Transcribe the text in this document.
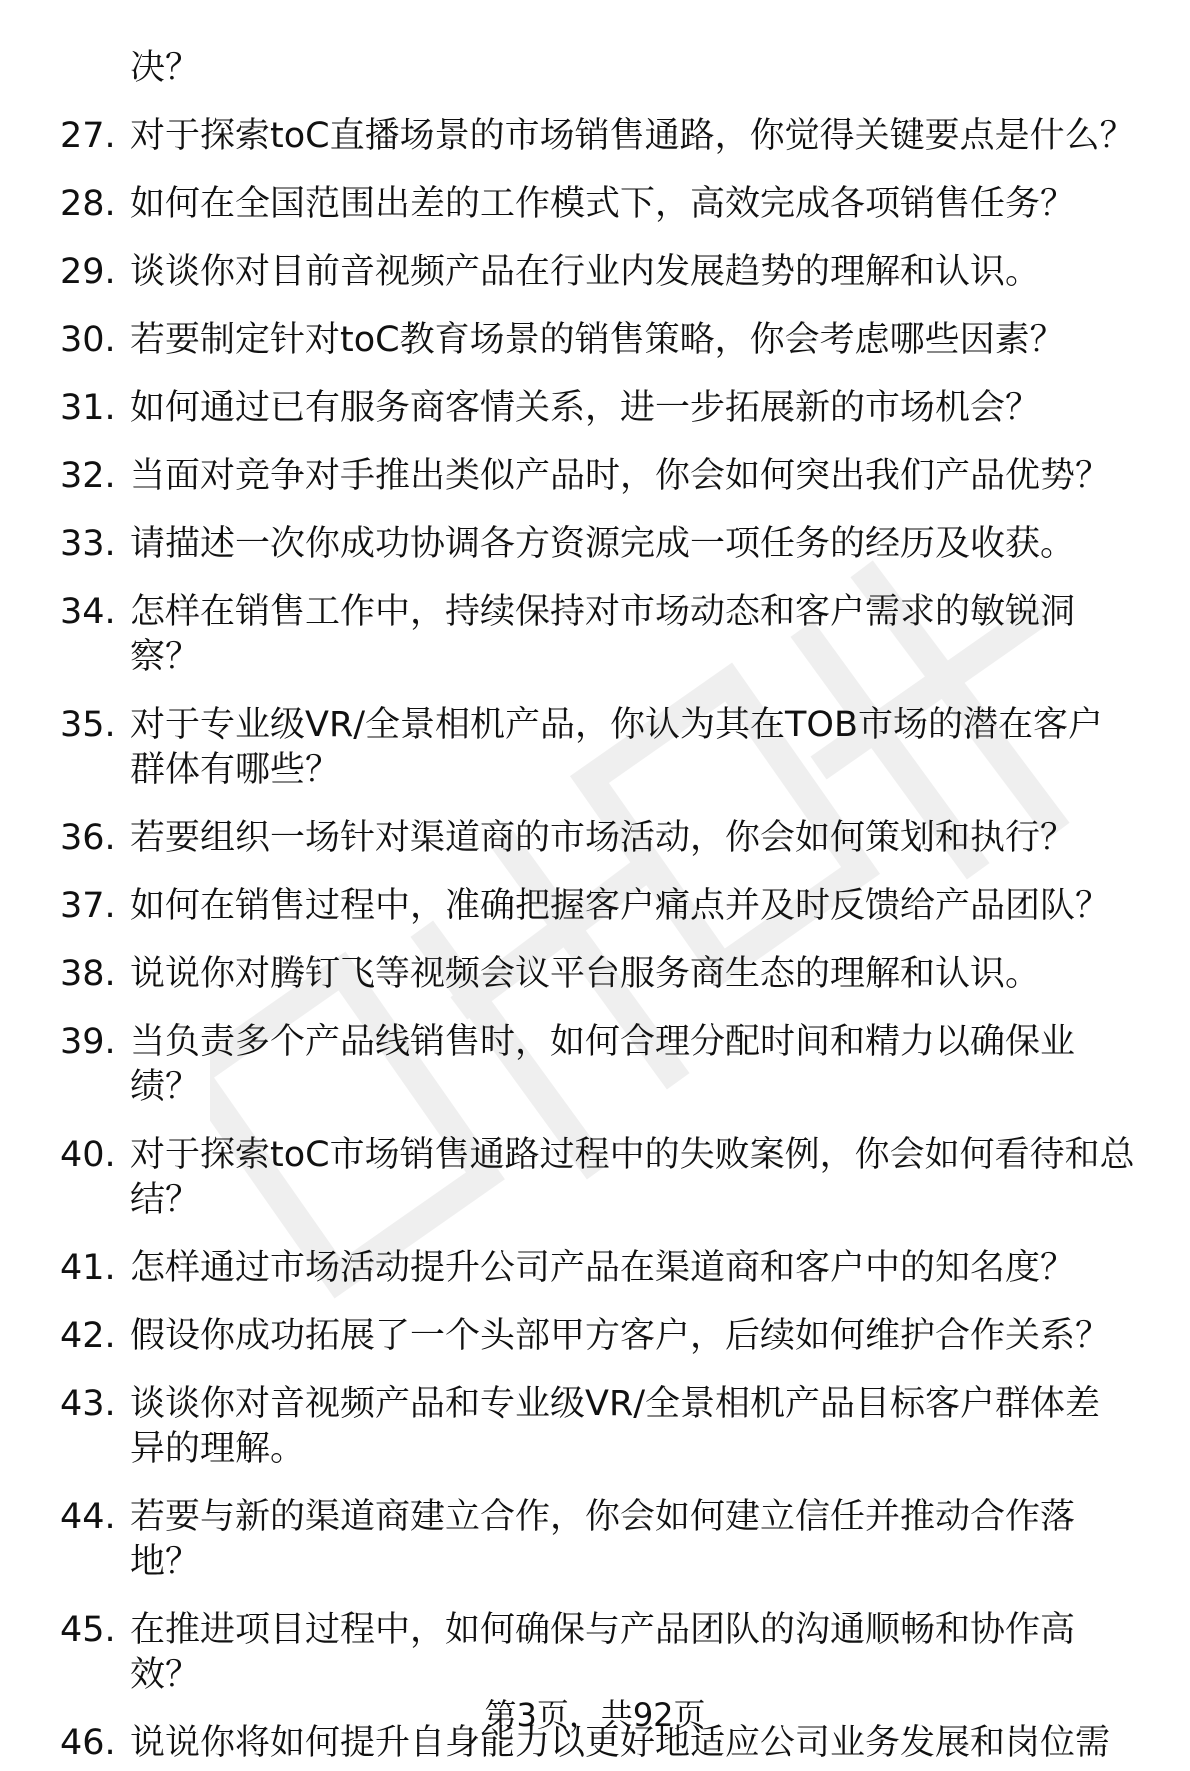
决？
27. 对于探索toC直播场景的市场销售通路，你觉得关键要点是什么？
28. 如何在全国范围出差的工作模式下，高效完成各项销售任务？
29. 谈谈你对目前音视频产品在行业内发展趋势的理解和认识。
30. 若要制定针对toC教育场景的销售策略，你会考虑哪些因素？
31. 如何通过已有服务商客情关系，进一步拓展新的市场机会？
32. 当面对竞争对手推出类似产品时，你会如何突出我们产品优势？
33. 请描述一次你成功协调各方资源完成一项任务的经历及收获。
34. 怎样在销售工作中，持续保持对市场动态和客户需求的敏锐洞
察？
35. 对于专业级VR/全景相机产品，你认为其在TOB市场的潜在客户
群体有哪些？
36. 若要组织一场针对渠道商的市场活动，你会如何策划和执行？
37. 如何在销售过程中，准确把握客户痛点并及时反馈给产品团队？
38. 说说你对腾钉飞等视频会议平台服务商生态的理解和认识。
39. 当负责多个产品线销售时，如何合理分配时间和精力以确保业
绩？
40. 对于探索toC市场销售通路过程中的失败案例，你会如何看待和总
结？
41. 怎样通过市场活动提升公司产品在渠道商和客户中的知名度？
42. 假设你成功拓展了一个头部甲方客户，后续如何维护合作关系？
43. 谈谈你对音视频产品和专业级VR/全景相机产品目标客户群体差
异的理解。
44. 若要与新的渠道商建立合作，你会如何建立信任并推动合作落
地？
45. 在推进项目过程中，如何确保与产品团队的沟通顺畅和协作高
效？
46. 说说你将如何提升自身能力以更好地适应公司业务发展和岗位需
第3页，共92页
